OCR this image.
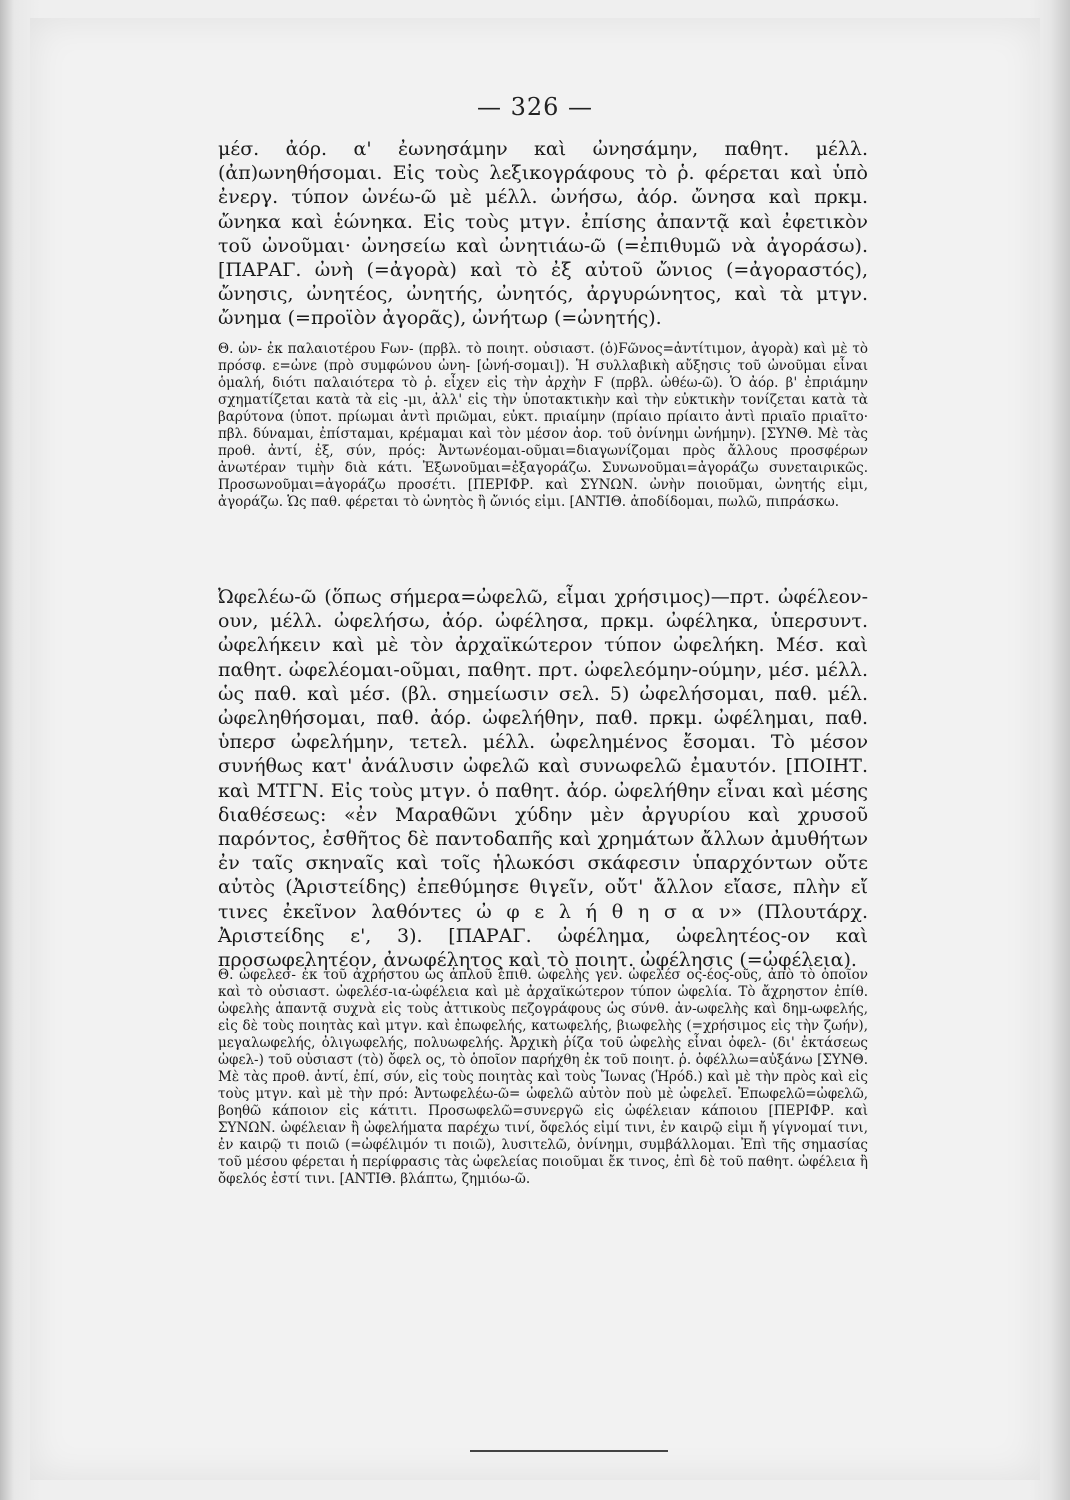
— 326 —

μέσ. ἀόρ. α' ἐωνησάμην καὶ ὠνησάμην, παθητ. μέλλ. (ἀπ)ωνηθήσομαι. Εἰς τοὺς λεξικογράφους τὸ ῥ. φέρεται καὶ ὑπὸ ἐνεργ. τύπον ὠνέω-ῶ μὲ μέλλ. ὠνήσω, ἀόρ. ὤνησα καὶ πρκμ. ὤνηκα καὶ ἑώνηκα. Εἰς τοὺς μτγν. ἐπίσης ἀπαντᾷ καὶ ἐφετικὸν τοῦ ὠνοῦμαι· ὠνησείω καὶ ὠνητιάω-ῶ (=ἐπιθυμῶ νὰ ἀγοράσω). [ΠΑΡΑΓ. ὠνὴ (=ἀγορὰ) καὶ τὸ ἐξ αὐτοῦ ὤνιος (=ἀγοραστός), ὤνησις, ὠνητέος, ὠνητής, ὠνητός, ἀργυρώνητος, καὶ τὰ μτγν. ὤνημα (=προϊὸν ἀγορᾶς), ὠνήτωρ (=ὠνητής).

Θ. ὠν- ἐκ παλαιοτέρου Ϝων- (πρβλ. τὸ ποιητ. οὐσιαστ. (ὁ)Ϝῶνος=ἀντίτιμον, ἀγορὰ) καὶ μὲ τὸ πρόσφ. ε=ὠνε (πρὸ συμφώνου ὠνη- [ὠνή-σομαι]). Ἡ συλλαβικὴ αὔξησις τοῦ ὠνοῦμαι εἶναι ὁμαλή, διότι παλαιότερα τὸ ῥ. εἶχεν εἰς τὴν ἀρχὴν Ϝ (πρβλ. ὠθέω-ῶ). Ὁ ἀόρ. β' ἐπριάμην σχηματίζεται κατὰ τὰ εἰς -μι, ἀλλ' εἰς τὴν ὑποτακτικὴν καὶ τὴν εὐκτικὴν τονίζεται κατὰ τὰ βαρύτονα (ὑποτ. πρίωμαι ἀντὶ πριῶμαι, εὐκτ. πριαίμην (πρίαιο πρίαιτο ἀντὶ πριαῖο πριαῖτο· πβλ. δύναμαι, ἐπίσταμαι, κρέμαμαι καὶ τὸν μέσον ἀορ. τοῦ ὀνίνημι ὠνήμην). [ΣΥΝΘ. Μὲ τὰς προθ. ἀντί, ἐξ, σύν, πρός: Ἀντωνέομαι-οῦμαι=διαγωνίζομαι πρὸς ἄλλους προσφέρων ἀνωτέραν τιμὴν διὰ κάτι. Ἐξωνοῦμαι=ἐξαγοράζω. Συνωνοῦμαι=ἀγοράζω συνεταιρικῶς. Προσωνοῦμαι=ἀγοράζω προσέτι. [ΠΕΡΙΦΡ. καὶ ΣΥΝΩΝ. ὠνὴν ποιοῦμαι, ὠνητής εἰμι, ἀγοράζω. Ὡς παθ. φέρεται τὸ ὠνητὸς ἢ ὤνιός εἰμι. [ΑΝΤΙΘ. ἀποδίδομαι, πωλῶ, πιπράσκω.

Ὠφελέω-ῶ (ὅπως σήμερα=ὠφελῶ, εἶμαι χρήσιμος)—πρτ. ὠφέλεον-ουν, μέλλ. ὠφελήσω, ἀόρ. ὠφέλησα, πρκμ. ὠφέληκα, ὑπερσυντ. ὠφελήκειν καὶ μὲ τὸν ἀρχαϊκώτερον τύπον ὠφελήκη. Μέσ. καὶ παθητ. ὠφελέομαι-οῦμαι, παθητ. πρτ. ὠφελεόμην-ούμην, μέσ. μέλλ. ὡς παθ. καὶ μέσ. (βλ. σημείωσιν σελ. 5) ὠφελήσομαι, παθ. μέλ. ὠφεληθήσομαι, παθ. ἀόρ. ὠφελήθην, παθ. πρκμ. ὠφέλημαι, παθ. ὑπερσ ὠφελήμην, τετελ. μέλλ. ὠφελημένος ἔσομαι. Τὸ μέσον συνήθως κατ' ἀνάλυσιν ὠφελῶ καὶ συνωφελῶ ἐμαυτόν. [ΠΟΙΗΤ. καὶ ΜΤΓΝ. Εἰς τοὺς μτγν. ὁ παθητ. ἀόρ. ὠφελήθην εἶναι καὶ μέσης διαθέσεως: «ἐν Μαραθῶνι χύδην μὲν ἀργυρίου καὶ χρυσοῦ παρόντος, ἐσθῆτος δὲ παντοδαπῆς καὶ χρημάτων ἄλλων ἀμυθήτων ἐν ταῖς σκηναῖς καὶ τοῖς ἡλωκόσι σκάφεσιν ὑπαρχόντων οὔτε αὐτὸς (Ἀριστείδης) ἐπεθύμησε θιγεῖν, οὔτ' ἄλλον εἴασε, πλὴν εἴ τινες ἐκεῖνον λαθόντες ὠ φ ε λ ή θ η σ α ν» (Πλουτάρχ. Ἀριστείδης ε', 3). [ΠΑΡΑΓ. ὠφέλημα, ὠφελητέος-ον καὶ προσωφελητέον, ἀνωφέλητος καὶ τὸ ποιητ. ὠφέλησις (=ὠφέλεια).

Θ. ὠφελεσ- ἐκ τοῦ ἀχρήστου ὡς ἁπλοῦ ἐπιθ. ὠφελὴς γεν. ὠφελέσ ος-έος-οῦς, ἀπὸ τὸ ὁποῖον καὶ τὸ οὐσιαστ. ὠφελέσ-ια-ὠφέλεια καὶ μὲ ἀρχαϊκώτερον τύπον ὠφελία. Τὸ ἄχρηστον ἐπίθ. ὠφελὴς ἀπαντᾷ συχνὰ εἰς τοὺς ἀττικοὺς πεζογράφους ὡς σύνθ. ἀν-ωφελὴς καὶ δημ-ωφελής, εἰς δὲ τοὺς ποιητὰς καὶ μτγν. καὶ ἐπωφελής, κατωφελής, βιωφελὴς (=χρήσιμος εἰς τὴν ζωήν), μεγαλωφελής, ὀλιγωφελής, πολυωφελής. Ἀρχικὴ ῥίζα τοῦ ὠφελὴς εἶναι ὀφελ- (δι' ἐκτάσεως ὠφελ-) τοῦ οὐσιαστ (τὸ) ὄφελ ος, τὸ ὁποῖον παρήχθη ἐκ τοῦ ποιητ. ῥ. ὀφέλλω=αὐξάνω [ΣΥΝΘ. Μὲ τὰς προθ. ἀντί, ἐπί, σύν, εἰς τοὺς ποιητὰς καὶ τοὺς Ἴωνας (Ἡρόδ.) καὶ μὲ τὴν πρὸς καὶ εἰς τοὺς μτγν. καὶ μὲ τὴν πρό: Ἀντωφελέω-ῶ= ὠφελῶ αὐτὸν ποὺ μὲ ὠφελεῖ. Ἐπωφελῶ=ὠφελῶ, βοηθῶ κάποιον εἰς κάτιτι. Προσωφελῶ=συνεργῶ εἰς ὠφέλειαν κάποιου [ΠΕΡΙΦΡ. καὶ ΣΥΝΩΝ. ὠφέλειαν ἢ ὠφελήματα παρέχω τινί, ὄφελός εἰμί τινι, ἐν καιρῷ εἰμι ἤ γίγνομαί τινι, ἐν καιρῷ τι ποιῶ (=ὠφέλιμόν τι ποιῶ), λυσιτελῶ, ὀνίνημι, συμβάλλομαι. Ἐπὶ τῆς σημασίας τοῦ μέσου φέρεται ἡ περίφρασις τὰς ὠφελείας ποιοῦμαι ἔκ τινος, ἐπὶ δὲ τοῦ παθητ. ὠφέλεια ἢ ὄφελός ἐστί τινι. [ΑΝΤΙΘ. βλάπτω, ζημιόω-ῶ.
